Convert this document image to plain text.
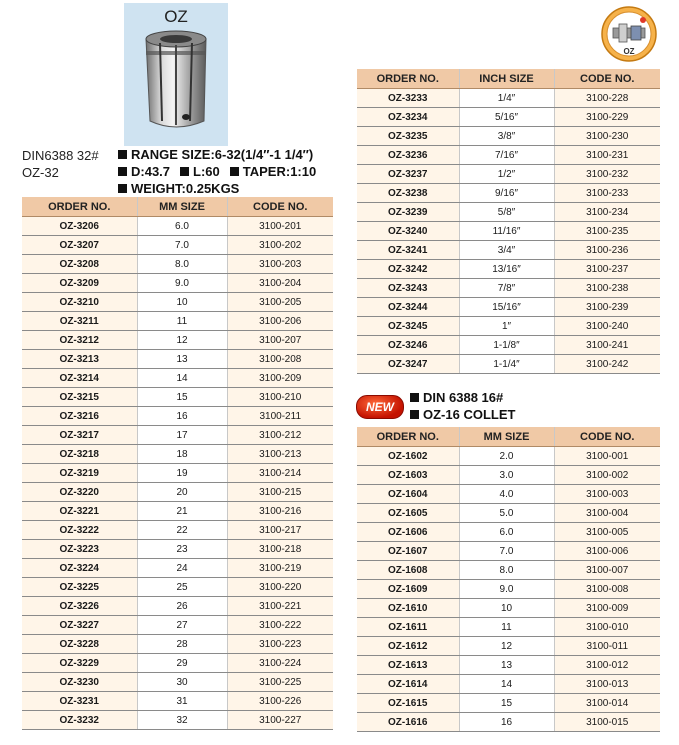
OZ
OZ
DIN6388 32#
OZ-32
RANGE SIZE:6-32(1/4″-1 1/4″)
D:43.7 L:60 TAPER:1:10
WEIGHT:0.25KGS
ORDER NO.	MM SIZE	CODE NO.
OZ-3206	6.0	3100-201
OZ-3207	7.0	3100-202
OZ-3208	8.0	3100-203
OZ-3209	9.0	3100-204
OZ-3210	10	3100-205
OZ-3211	11	3100-206
OZ-3212	12	3100-207
OZ-3213	13	3100-208
OZ-3214	14	3100-209
OZ-3215	15	3100-210
OZ-3216	16	3100-211
OZ-3217	17	3100-212
OZ-3218	18	3100-213
OZ-3219	19	3100-214
OZ-3220	20	3100-215
OZ-3221	21	3100-216
OZ-3222	22	3100-217
OZ-3223	23	3100-218
OZ-3224	24	3100-219
OZ-3225	25	3100-220
OZ-3226	26	3100-221
OZ-3227	27	3100-222
OZ-3228	28	3100-223
OZ-3229	29	3100-224
OZ-3230	30	3100-225
OZ-3231	31	3100-226
OZ-3232	32	3100-227
ORDER NO.	INCH SIZE	CODE NO.
OZ-3233	1/4″	3100-228
OZ-3234	5/16″	3100-229
OZ-3235	3/8″	3100-230
OZ-3236	7/16″	3100-231
OZ-3237	1/2″	3100-232
OZ-3238	9/16″	3100-233
OZ-3239	5/8″	3100-234
OZ-3240	11/16″	3100-235
OZ-3241	3/4″	3100-236
OZ-3242	13/16″	3100-237
OZ-3243	7/8″	3100-238
OZ-3244	15/16″	3100-239
OZ-3245	1″	3100-240
OZ-3246	1-1/8″	3100-241
OZ-3247	1-1/4″	3100-242
NEW
DIN 6388 16#
OZ-16 COLLET
ORDER NO.	MM SIZE	CODE NO.
OZ-1602	2.0	3100-001
OZ-1603	3.0	3100-002
OZ-1604	4.0	3100-003
OZ-1605	5.0	3100-004
OZ-1606	6.0	3100-005
OZ-1607	7.0	3100-006
OZ-1608	8.0	3100-007
OZ-1609	9.0	3100-008
OZ-1610	10	3100-009
OZ-1611	11	3100-010
OZ-1612	12	3100-011
OZ-1613	13	3100-012
OZ-1614	14	3100-013
OZ-1615	15	3100-014
OZ-1616	16	3100-015
